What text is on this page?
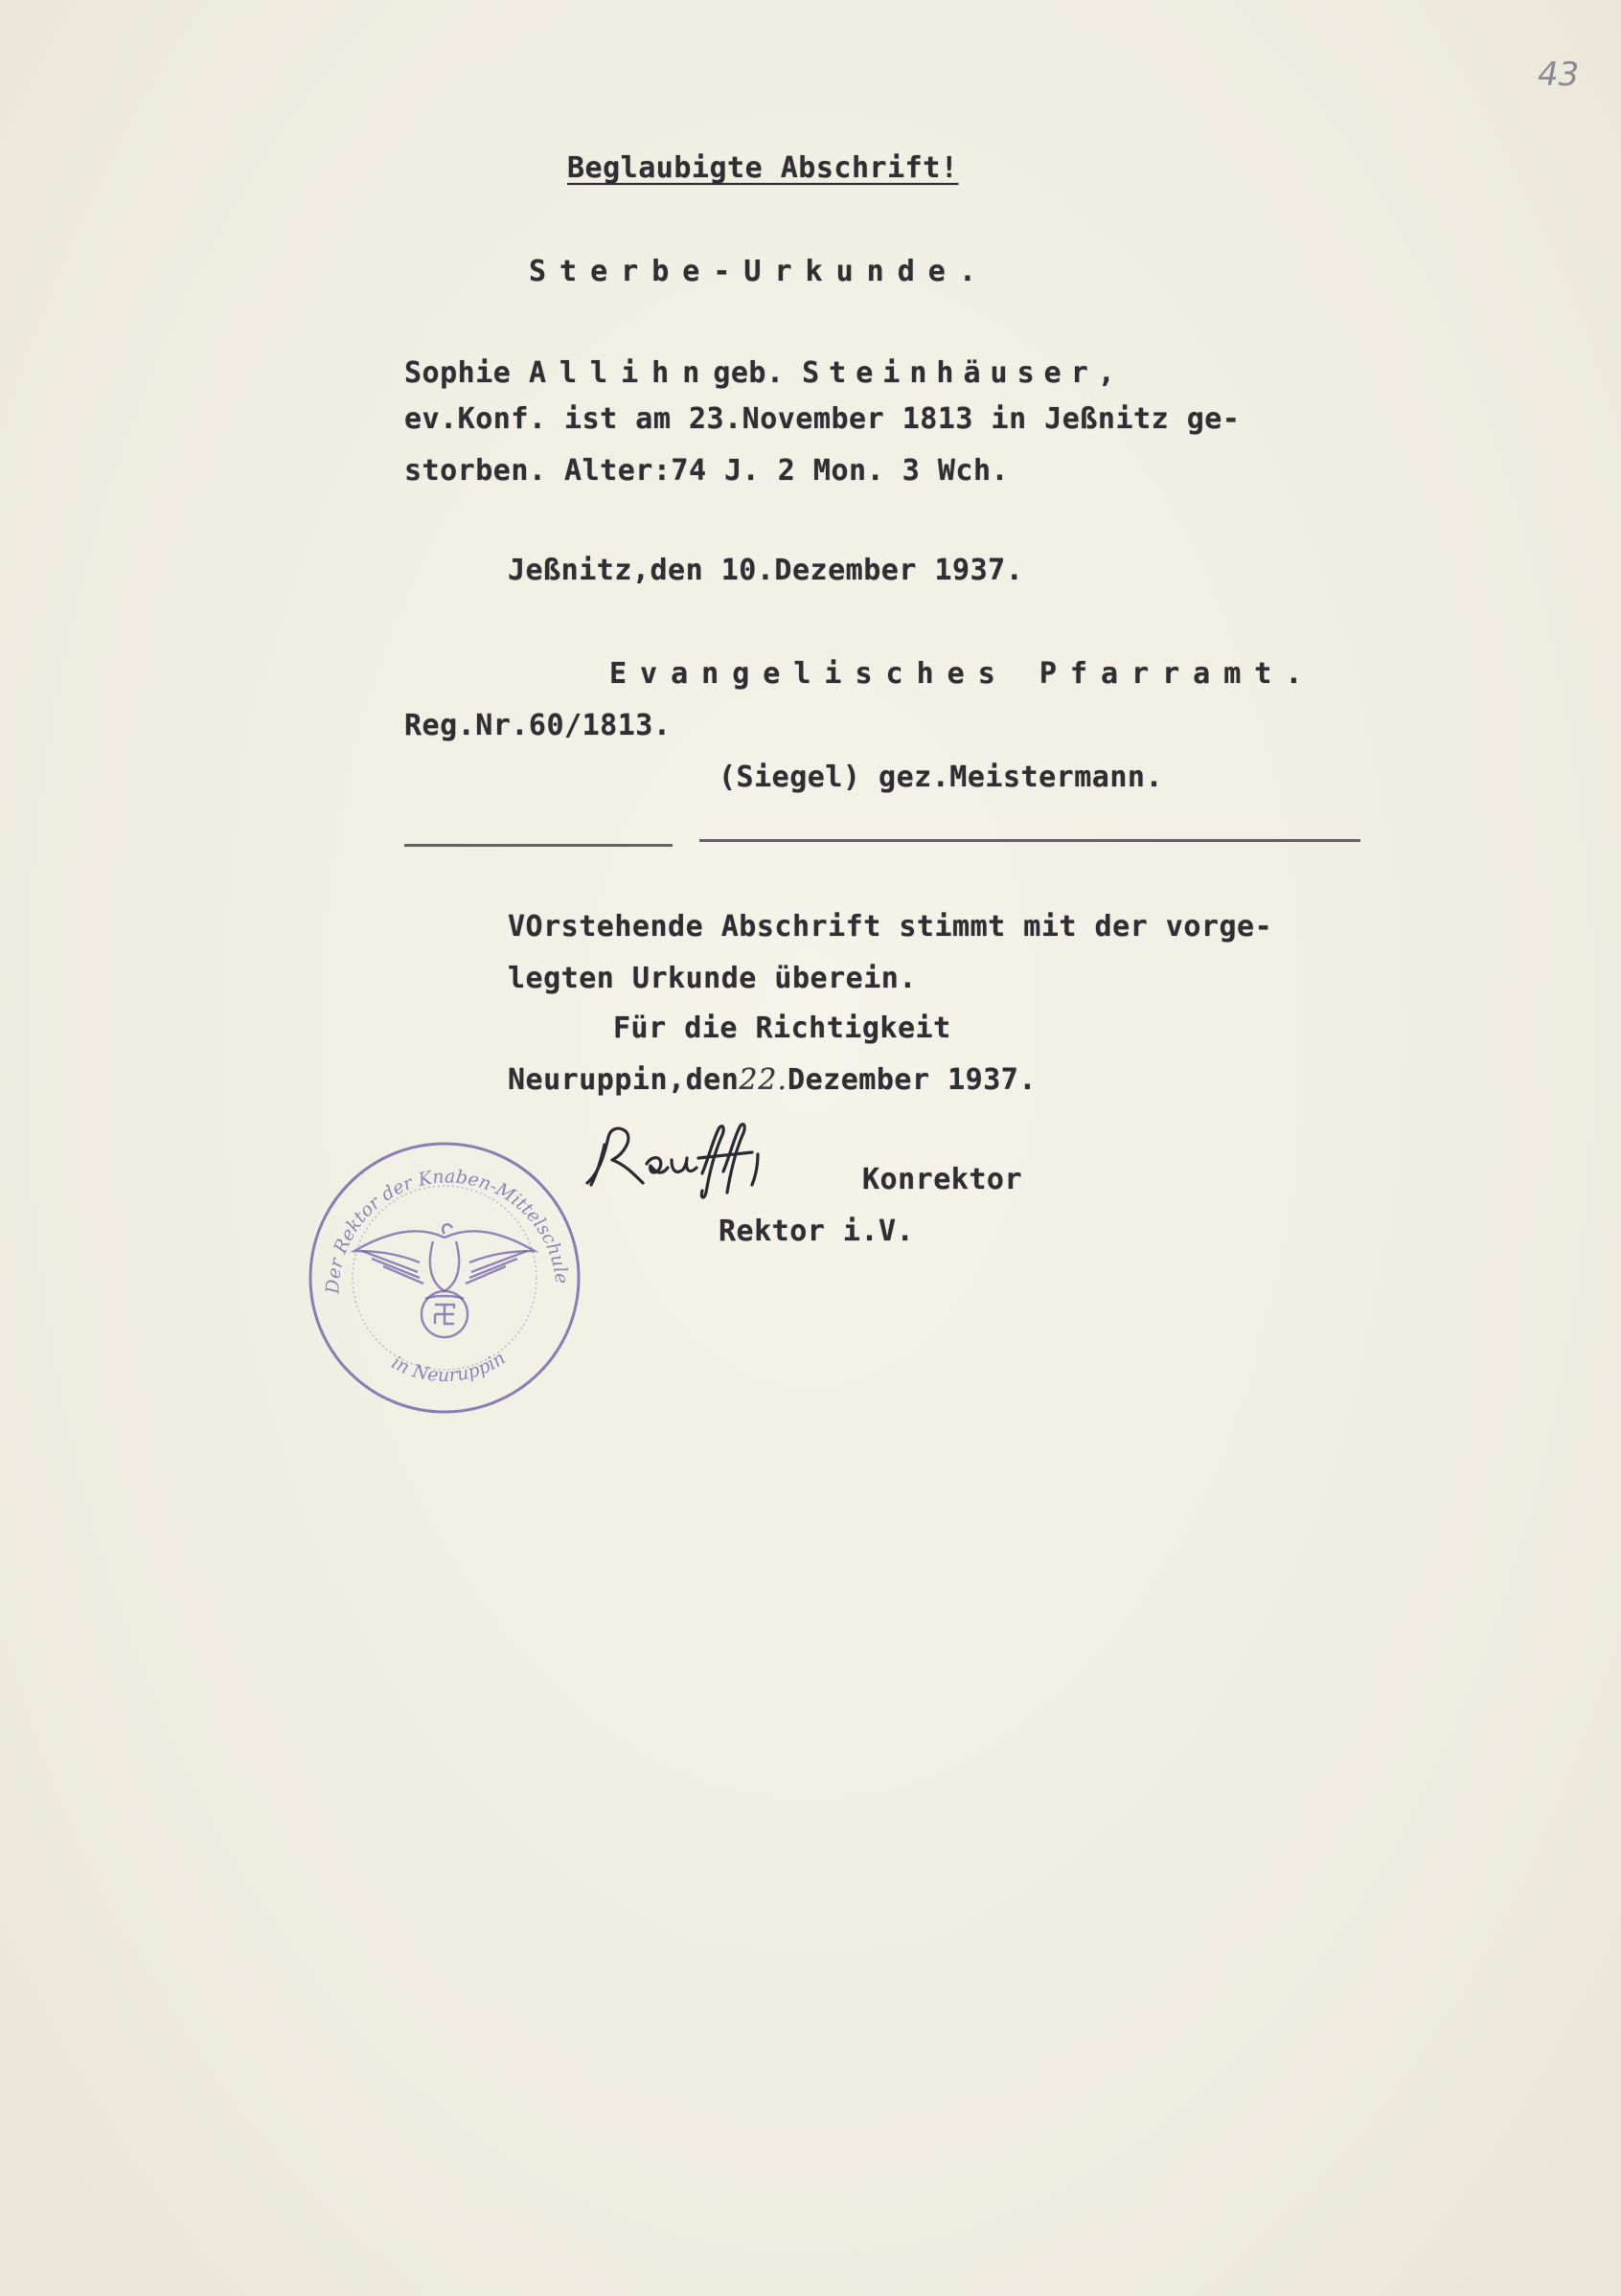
43
Beglaubigte Abschrift!
Sterbe-Urkunde.
Sophie Allihngeb. Steinhäuser,
ev.Konf. ist am 23.November 1813 in Jeßnitz ge-
storben. Alter:74 J. 2 Mon. 3 Wch.
Jeßnitz,den 10.Dezember 1937.
Evangelisches Pfarramt.
Reg.Nr.60/1813.
(Siegel) gez.Meistermann.
VOrstehende Abschrift stimmt mit der vorge-
legten Urkunde überein.
Für die Richtigkeit
Neuruppin,den22.Dezember 1937.
Konrektor
Rektor i.V.
Der Rektor der Knaben-Mittelschule
in Neuruppin
